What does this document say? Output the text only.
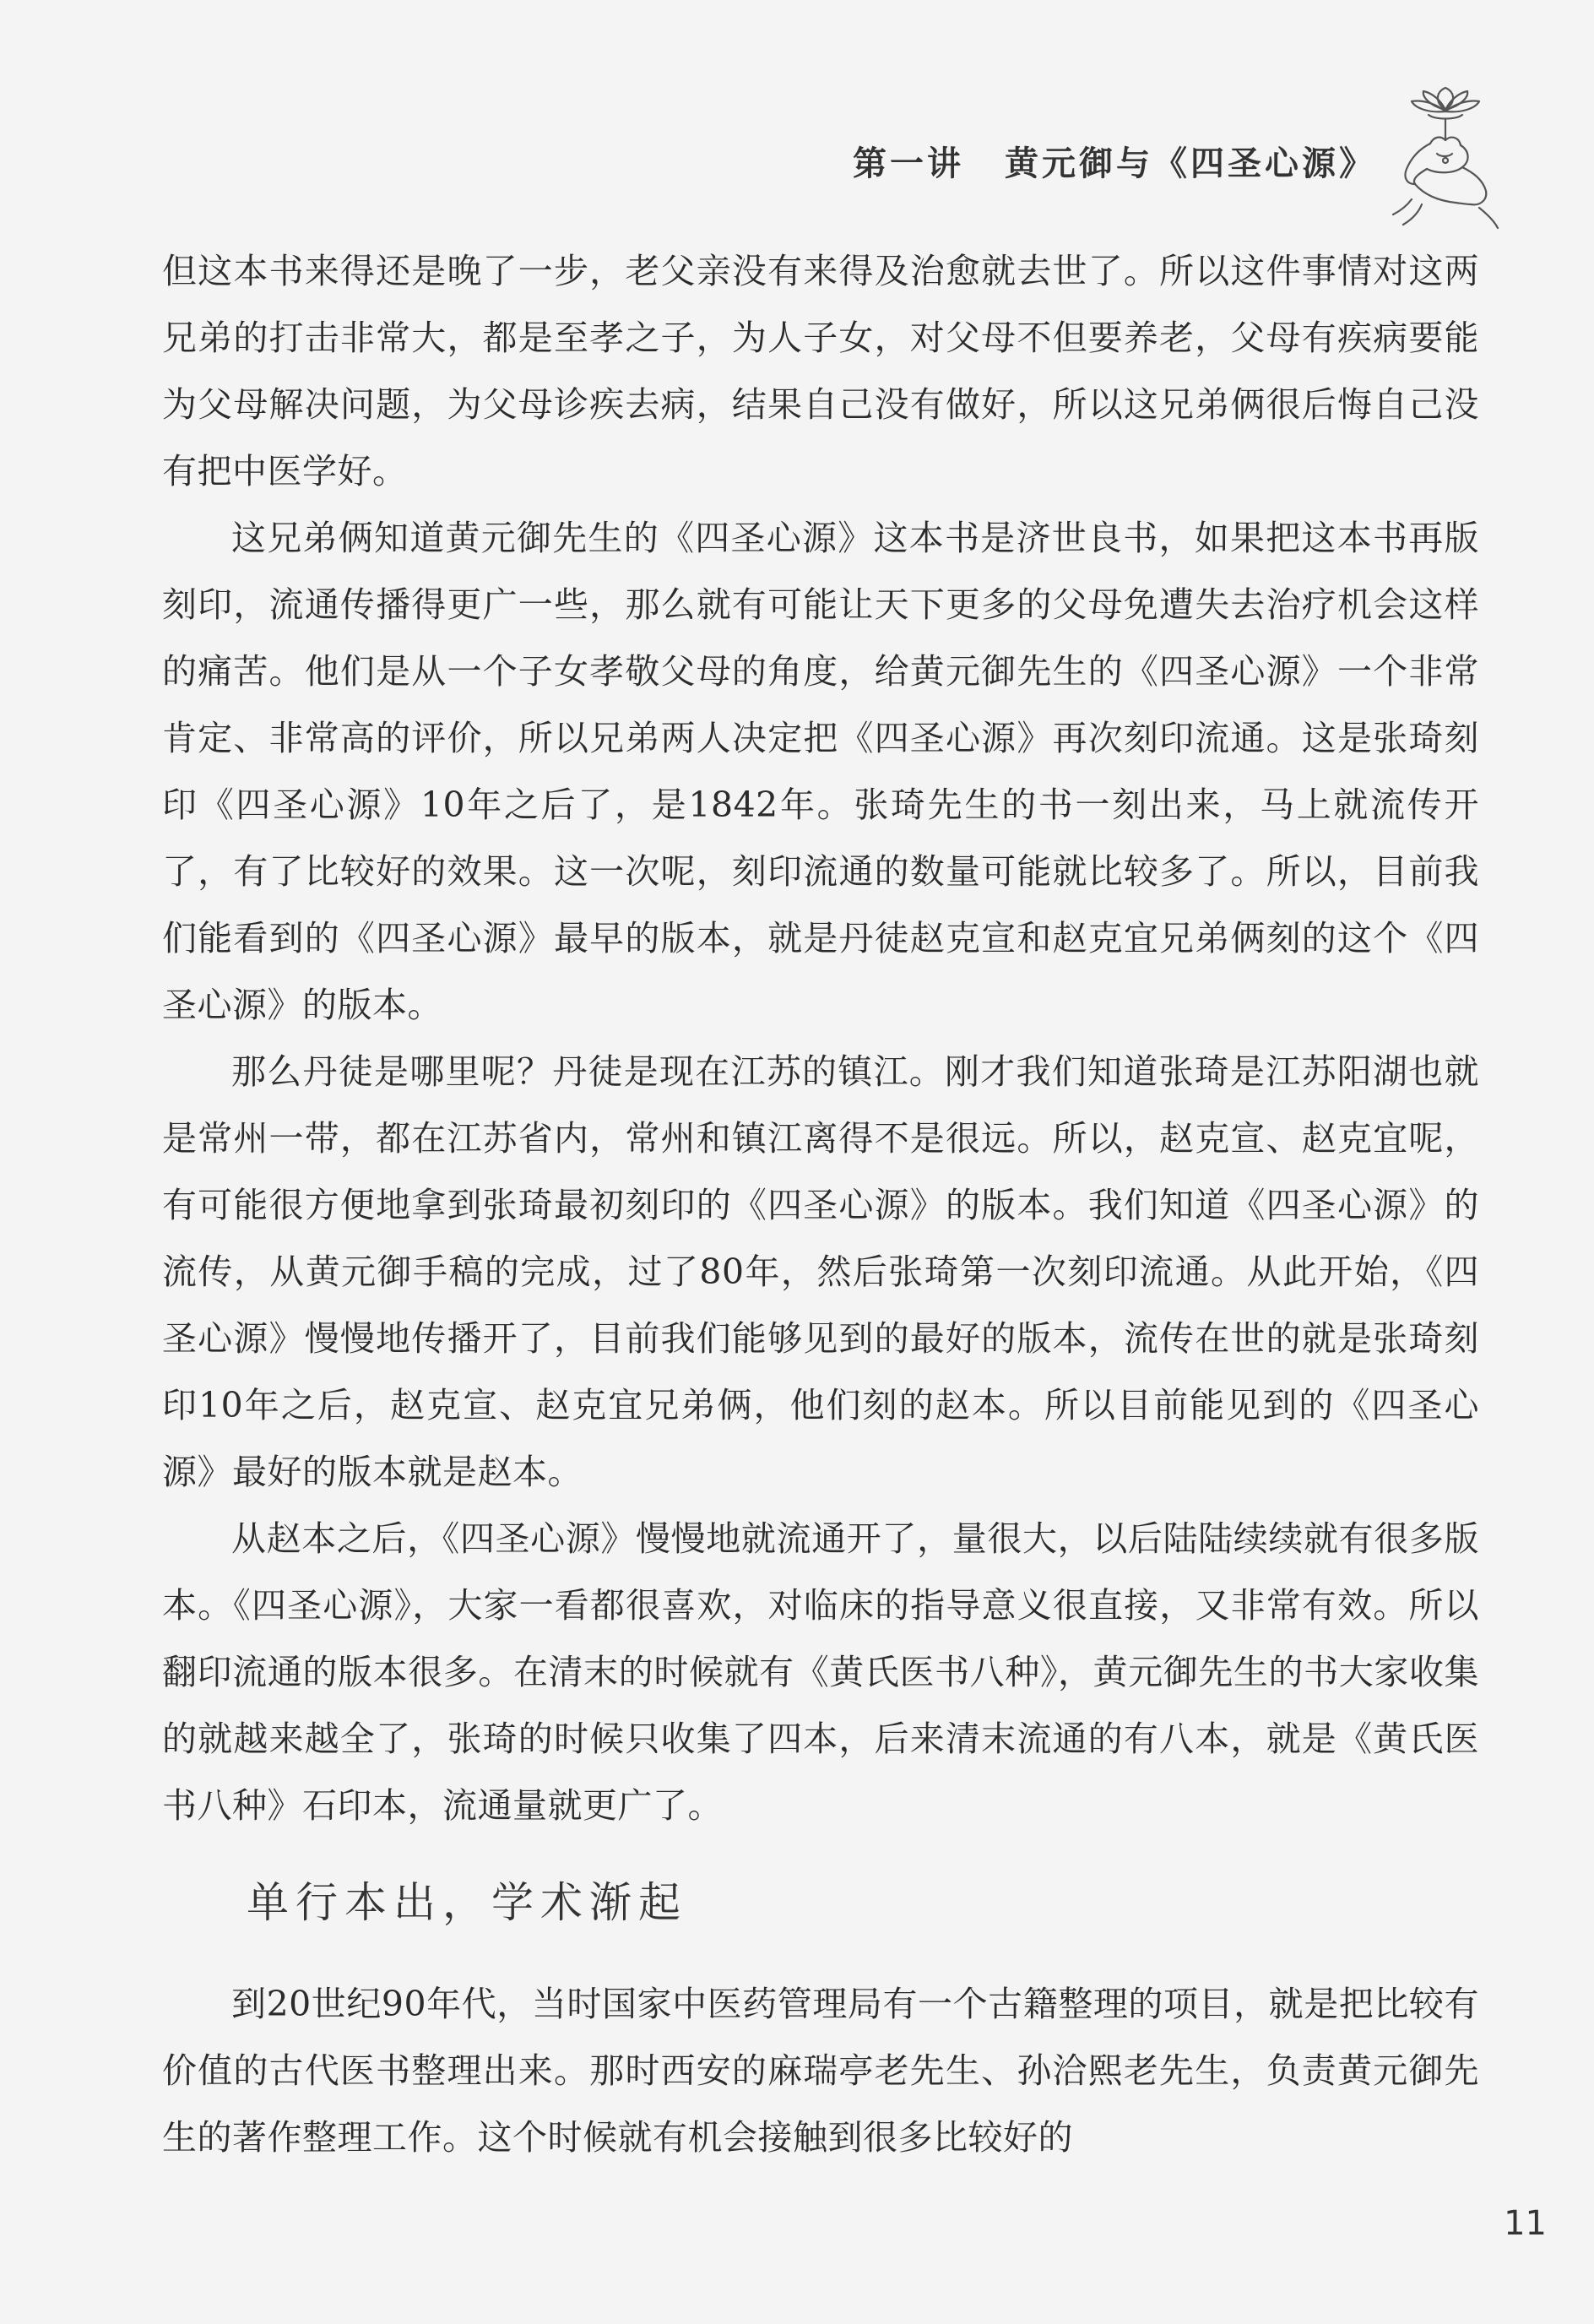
第一讲 黄元御与《四圣心源》

但这本书来得还是晚了一步，老父亲没有来得及治愈就去世了。所以这件事情对这两兄弟的打击非常大，都是至孝之子，为人子女，对父母不但要养老，父母有疾病要能为父母解决问题，为父母诊疾去病，结果自己没有做好，所以这兄弟俩很后悔自己没有把中医学好。

这兄弟俩知道黄元御先生的《四圣心源》这本书是济世良书，如果把这本书再版刻印，流通传播得更广一些，那么就有可能让天下更多的父母免遭失去治疗机会这样的痛苦。他们是从一个子女孝敬父母的角度，给黄元御先生的《四圣心源》一个非常肯定、非常高的评价，所以兄弟两人决定把《四圣心源》再次刻印流通。这是张琦刻印《四圣心源》10年之后了，是1842年。张琦先生的书一刻出来，马上就流传开了，有了比较好的效果。这一次呢，刻印流通的数量可能就比较多了。所以，目前我们能看到的《四圣心源》最早的版本，就是丹徒赵克宣和赵克宜兄弟俩刻的这个《四圣心源》的版本。

那么丹徒是哪里呢？丹徒是现在江苏的镇江。刚才我们知道张琦是江苏阳湖也就是常州一带，都在江苏省内，常州和镇江离得不是很远。所以，赵克宣、赵克宜呢，有可能很方便地拿到张琦最初刻印的《四圣心源》的版本。我们知道《四圣心源》的流传，从黄元御手稿的完成，过了80年，然后张琦第一次刻印流通。从此开始，《四圣心源》慢慢地传播开了，目前我们能够见到的最好的版本，流传在世的就是张琦刻印10年之后，赵克宣、赵克宜兄弟俩，他们刻的赵本。所以目前能见到的《四圣心源》最好的版本就是赵本。

从赵本之后，《四圣心源》慢慢地就流通开了，量很大，以后陆陆续续就有很多版本。《四圣心源》，大家一看都很喜欢，对临床的指导意义很直接，又非常有效。所以翻印流通的版本很多。在清末的时候就有《黄氏医书八种》，黄元御先生的书大家收集的就越来越全了，张琦的时候只收集了四本，后来清末流通的有八本，就是《黄氏医书八种》石印本，流通量就更广了。

单行本出，学术渐起

到20世纪90年代，当时国家中医药管理局有一个古籍整理的项目，就是把比较有价值的古代医书整理出来。那时西安的麻瑞亭老先生、孙洽熙老先生，负责黄元御先生的著作整理工作。这个时候就有机会接触到很多比较好的

11
